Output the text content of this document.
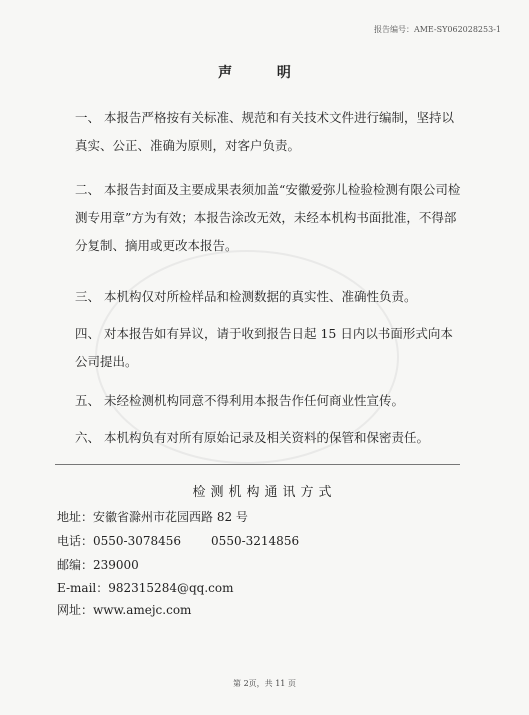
报告编号：AME-SY062028253-1
声 明
一、 本报告严格按有关标准、规范和有关技术文件进行编制，坚持以真实、公正、准确为原则，对客户负责。
二、 本报告封面及主要成果表须加盖“安徽爱弥儿检验检测有限公司检测专用章”方为有效；本报告涂改无效，未经本机构书面批准，不得部分复制、摘用或更改本报告。
三、 本机构仅对所检样品和检测数据的真实性、准确性负责。
四、 对本报告如有异议，请于收到报告日起 15 日内以书面形式向本公司提出。
五、 未经检测机构同意不得利用本报告作任何商业性宣传。
六、 本机构负有对所有原始记录及相关资料的保管和保密责任。
检测机构通讯方式
地址：安徽省滁州市花园西路 82 号
电话：0550-3078456	0550-3214856
邮编：239000
E-mail：982315284@qq.com
网址：www.amejc.com
第 2页，共 11 页
